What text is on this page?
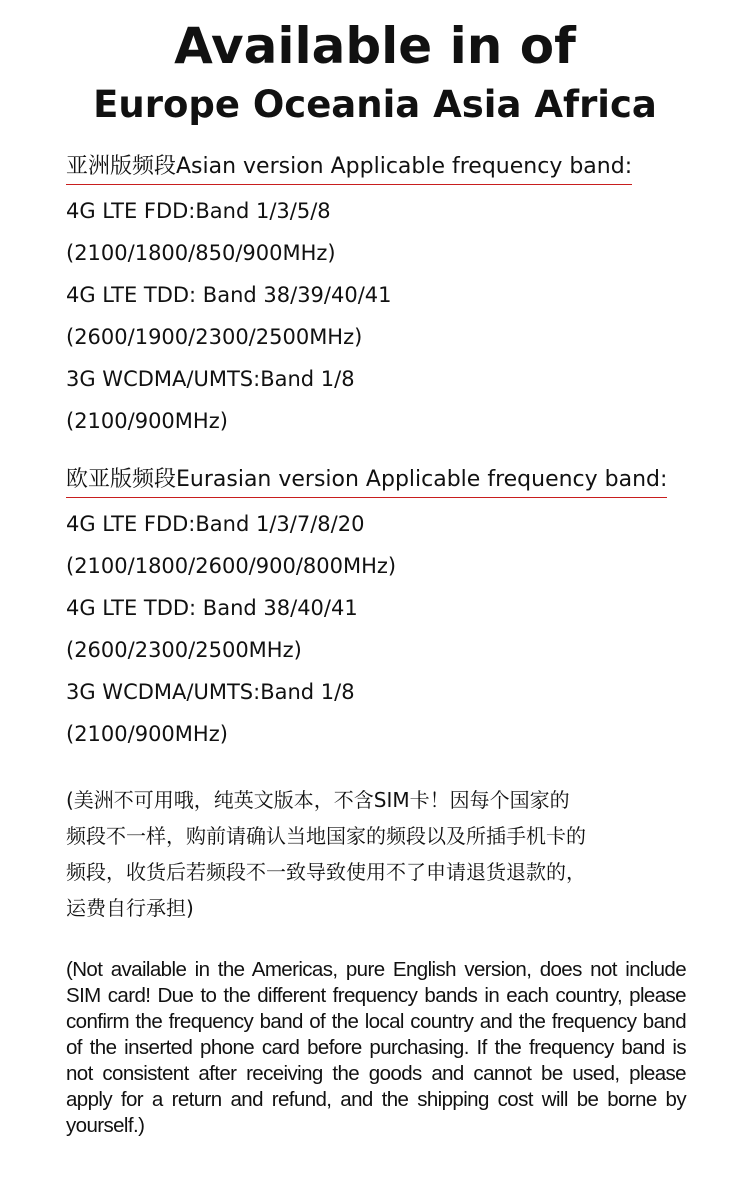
Available in of
Europe Oceania Asia Africa
亚洲版频段Asian version Applicable frequency band:
4G LTE FDD:Band 1/3/5/8
(2100/1800/850/900MHz)
4G LTE TDD: Band 38/39/40/41
(2600/1900/2300/2500MHz)
3G WCDMA/UMTS:Band 1/8
(2100/900MHz)
欧亚版频段Eurasian version Applicable frequency band:
4G LTE FDD:Band 1/3/7/8/20
(2100/1800/2600/900/800MHz)
4G LTE TDD: Band 38/40/41
(2600/2300/2500MHz)
3G WCDMA/UMTS:Band 1/8
(2100/900MHz)

(美洲不可用哦，纯英文版本，不含SIM卡！因每个国家的
频段不一样，购前请确认当地国家的频段以及所插手机卡的
频段，收货后若频段不一致导致使用不了申请退货退款的，
运费自行承担)

(Not available in the Americas, pure English version, does not include SIM card! Due to the different frequency bands in each country, please confirm the frequency band of the local country and the frequency band of the inserted phone card before purchasing. If the frequency band is not consistent after receiving the goods and cannot be used, please apply for a return and refund, and the shipping cost will be borne by yourself.)
